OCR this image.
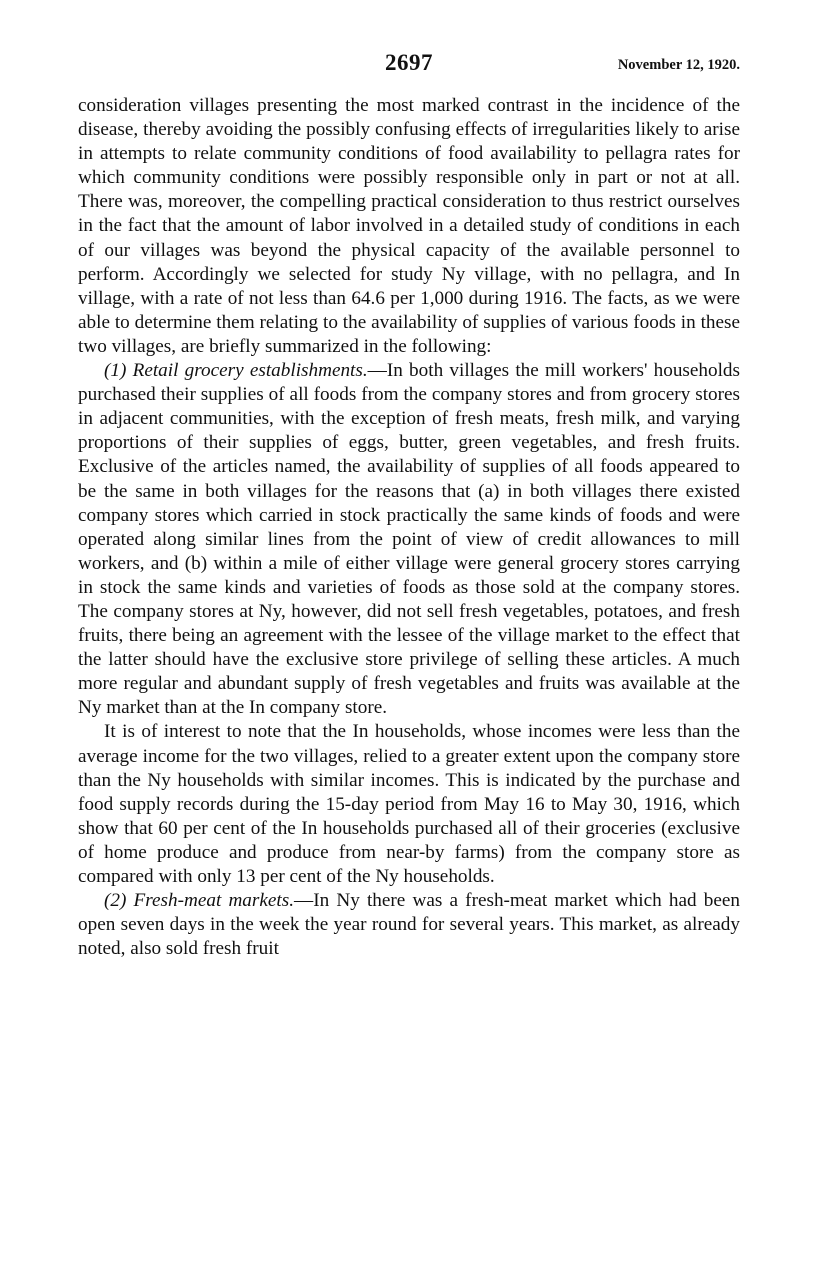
2697	November 12, 1920.

consideration villages presenting the most marked contrast in the incidence of the disease, thereby avoiding the possibly confusing effects of irregularities likely to arise in attempts to relate community conditions of food availability to pellagra rates for which community conditions were possibly responsible only in part or not at all. There was, moreover, the compelling practical consideration to thus restrict ourselves in the fact that the amount of labor involved in a detailed study of conditions in each of our villages was beyond the physical capacity of the available personnel to perform. Accordingly we selected for study Ny village, with no pellagra, and In village, with a rate of not less than 64.6 per 1,000 during 1916. The facts, as we were able to determine them relating to the availability of supplies of various foods in these two villages, are briefly summarized in the following:

(1) Retail grocery establishments.—In both villages the mill workers' households purchased their supplies of all foods from the company stores and from grocery stores in adjacent communities, with the exception of fresh meats, fresh milk, and varying proportions of their supplies of eggs, butter, green vegetables, and fresh fruits. Exclusive of the articles named, the availability of supplies of all foods appeared to be the same in both villages for the reasons that (a) in both villages there existed company stores which carried in stock practically the same kinds of foods and were operated along similar lines from the point of view of credit allowances to mill workers, and (b) within a mile of either village were general grocery stores carrying in stock the same kinds and varieties of foods as those sold at the company stores. The company stores at Ny, however, did not sell fresh vegetables, potatoes, and fresh fruits, there being an agreement with the lessee of the village market to the effect that the latter should have the exclusive store privilege of selling these articles. A much more regular and abundant supply of fresh vegetables and fruits was available at the Ny market than at the In company store.

It is of interest to note that the In households, whose incomes were less than the average income for the two villages, relied to a greater extent upon the company store than the Ny households with similar incomes. This is indicated by the purchase and food supply records during the 15-day period from May 16 to May 30, 1916, which show that 60 per cent of the In households purchased all of their groceries (exclusive of home produce and produce from near-by farms) from the company store as compared with only 13 per cent of the Ny households.

(2) Fresh-meat markets.—In Ny there was a fresh-meat market which had been open seven days in the week the year round for several years. This market, as already noted, also sold fresh fruit
